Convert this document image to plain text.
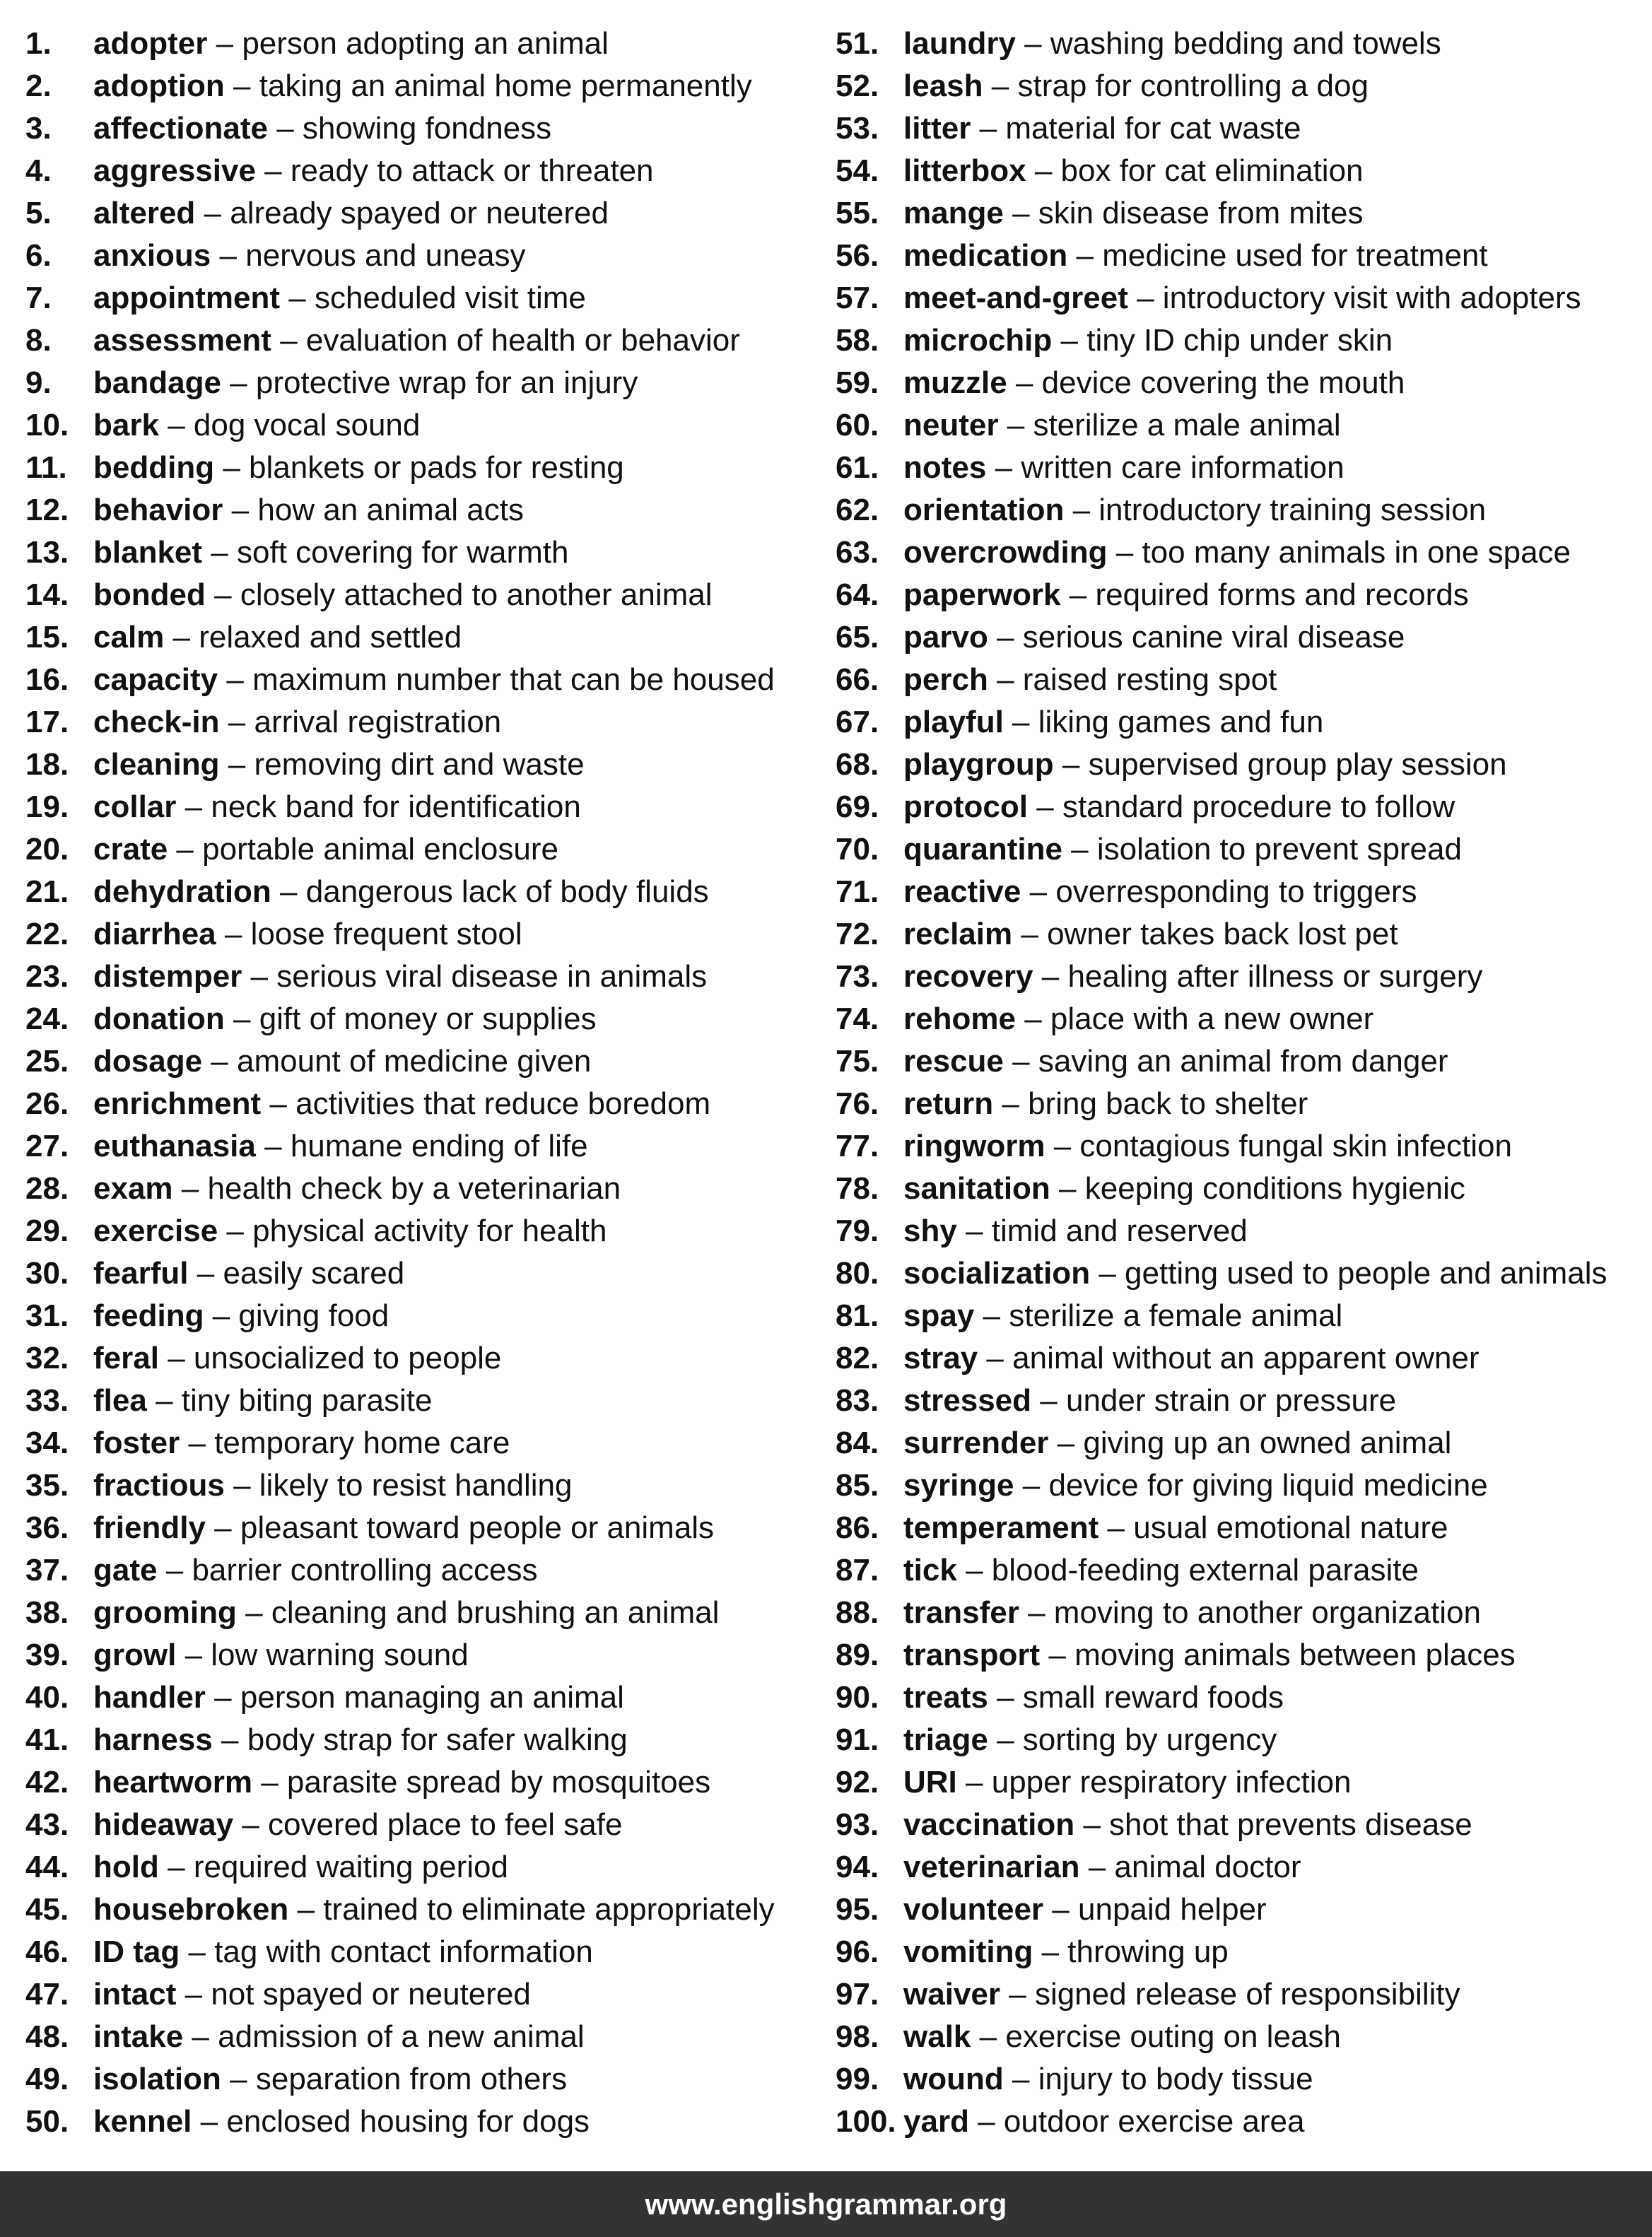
1. adopter – person adopting an animal
2. adoption – taking an animal home permanently
3. affectionate – showing fondness
4. aggressive – ready to attack or threaten
5. altered – already spayed or neutered
6. anxious – nervous and uneasy
7. appointment – scheduled visit time
8. assessment – evaluation of health or behavior
9. bandage – protective wrap for an injury
10. bark – dog vocal sound
11. bedding – blankets or pads for resting
12. behavior – how an animal acts
13. blanket – soft covering for warmth
14. bonded – closely attached to another animal
15. calm – relaxed and settled
16. capacity – maximum number that can be housed
17. check-in – arrival registration
18. cleaning – removing dirt and waste
19. collar – neck band for identification
20. crate – portable animal enclosure
21. dehydration – dangerous lack of body fluids
22. diarrhea – loose frequent stool
23. distemper – serious viral disease in animals
24. donation – gift of money or supplies
25. dosage – amount of medicine given
26. enrichment – activities that reduce boredom
27. euthanasia – humane ending of life
28. exam – health check by a veterinarian
29. exercise – physical activity for health
30. fearful – easily scared
31. feeding – giving food
32. feral – unsocialized to people
33. flea – tiny biting parasite
34. foster – temporary home care
35. fractious – likely to resist handling
36. friendly – pleasant toward people or animals
37. gate – barrier controlling access
38. grooming – cleaning and brushing an animal
39. growl – low warning sound
40. handler – person managing an animal
41. harness – body strap for safer walking
42. heartworm – parasite spread by mosquitoes
43. hideaway – covered place to feel safe
44. hold – required waiting period
45. housebroken – trained to eliminate appropriately
46. ID tag – tag with contact information
47. intact – not spayed or neutered
48. intake – admission of a new animal
49. isolation – separation from others
50. kennel – enclosed housing for dogs
51. laundry – washing bedding and towels
52. leash – strap for controlling a dog
53. litter – material for cat waste
54. litterbox – box for cat elimination
55. mange – skin disease from mites
56. medication – medicine used for treatment
57. meet-and-greet – introductory visit with adopters
58. microchip – tiny ID chip under skin
59. muzzle – device covering the mouth
60. neuter – sterilize a male animal
61. notes – written care information
62. orientation – introductory training session
63. overcrowding – too many animals in one space
64. paperwork – required forms and records
65. parvo – serious canine viral disease
66. perch – raised resting spot
67. playful – liking games and fun
68. playgroup – supervised group play session
69. protocol – standard procedure to follow
70. quarantine – isolation to prevent spread
71. reactive – overresponding to triggers
72. reclaim – owner takes back lost pet
73. recovery – healing after illness or surgery
74. rehome – place with a new owner
75. rescue – saving an animal from danger
76. return – bring back to shelter
77. ringworm – contagious fungal skin infection
78. sanitation – keeping conditions hygienic
79. shy – timid and reserved
80. socialization – getting used to people and animals
81. spay – sterilize a female animal
82. stray – animal without an apparent owner
83. stressed – under strain or pressure
84. surrender – giving up an owned animal
85. syringe – device for giving liquid medicine
86. temperament – usual emotional nature
87. tick – blood-feeding external parasite
88. transfer – moving to another organization
89. transport – moving animals between places
90. treats – small reward foods
91. triage – sorting by urgency
92. URI – upper respiratory infection
93. vaccination – shot that prevents disease
94. veterinarian – animal doctor
95. volunteer – unpaid helper
96. vomiting – throwing up
97. waiver – signed release of responsibility
98. walk – exercise outing on leash
99. wound – injury to body tissue
100. yard – outdoor exercise area
www.englishgrammar.org
